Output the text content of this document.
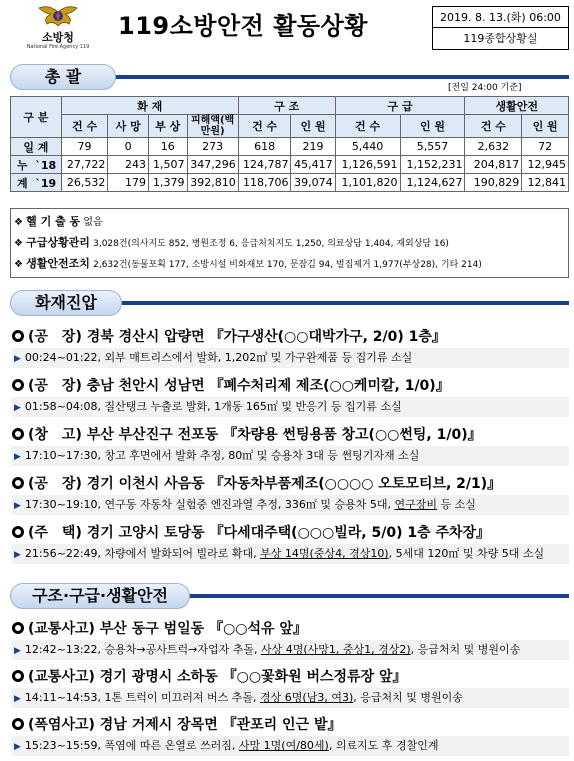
소방청
National Fire Agency 119
119소방안전 활동상황	2019. 8. 13.(화) 06:00
119종합상황실
총 괄
[전일 24:00 기준]
구 분	화 재				구 조		구 급		생활안전	
	건 수	사 망	부 상	피해액(백만원)	건 수	인 원	건 수	인 원	건 수	인 원
일 계	79	0	16	273	618	219	5,440	5,557	2,632	72
누 `18	27,722	243	1,507	347,296	124,787	45,417	1,126,591	1,152,231	204,817	12,945
계 `19	26,532	179	1,379	392,810	118,706	39,074	1,101,820	1,124,627	190,829	12,841
❖ 헬 기 출 동 없음
❖ 구급상황관리 3,028건(의사지도 852, 병원조정 6, 응급처치지도 1,250, 의료상담 1,404, 재외상담 16)
❖ 생활안전조치 2,632건(동물포획 177, 소방시설 비화재보 170, 문잠김 94, 벌집제거 1,977(부상28), 기타 214)
화재진압
(공　장) 경북 경산시 압량면 『가구생산(○○대박가구, 2/0) 1층』
▶ 00:24~01:22, 외부 매트리스에서 발화, 1,202㎡ 및 가구완제품 등 집기류 소실
(공　장) 충남 천안시 성남면 『폐수처리제 제조(○○케미칼, 1/0)』
▶ 01:58~04:08, 질산탱크 누출로 발화, 1개동 165㎡ 및 반응기 등 집기류 소실
(창　고) 부산 부산진구 전포동 『차량용 썬팅용품 창고(○○썬팅, 1/0)』
▶ 17:10~17:30, 창고 후면에서 발화 추정, 80㎡ 및 승용차 3대 등 썬팅기자재 소실
(공　장) 경기 이천시 사음동 『자동차부품제조(○○○○ 오토모티브, 2/1)』
▶ 17:30~19:10, 연구동 자동차 실험중 엔진과열 추정, 336㎡ 및 승용차 5대, 연구장비 등 소실
(주　택) 경기 고양시 토당동 『다세대주택(○○○빌라, 5/0) 1층 주차장』
▶ 21:56~22:49, 차량에서 발화되어 빌라로 확대, 부상 14명(중상4, 경상10), 5세대 120㎡ 및 차량 5대 소실
구조·구급·생활안전
(교통사고) 부산 동구 범일동 『○○석유 앞』
▶ 12:42~13:22, 승용차→공사트럭→자업자 추돌, 사상 4명(사망1, 중상1, 경상2), 응급처치 및 병원이송
(교통사고) 경기 광명시 소하동 『○○꽃화원 버스정류장 앞』
▶ 14:11~14:53, 1톤 트럭이 미끄러져 버스 추돌, 경상 6명(남3, 여3), 응급처치 및 병원이송
(폭염사고) 경남 거제시 장목면 『관포리 인근 밭』
▶ 15:23~15:59, 폭염에 따른 온열로 쓰러짐, 사망 1명(여/80세), 의료지도 후 경찰인계
